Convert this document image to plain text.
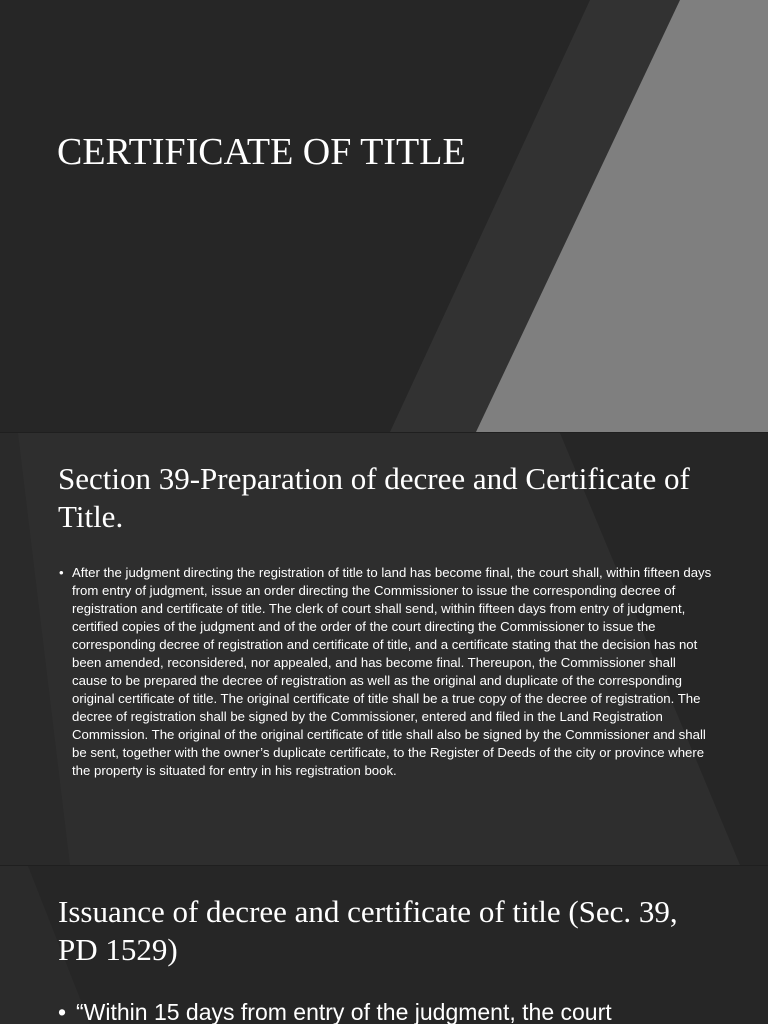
CERTIFICATE OF TITLE
Section 39-Preparation of decree and Certificate of Title.
• After the judgment directing the registration of title to land has become final, the court shall, within fifteen days from entry of judgment, issue an order directing the Commissioner to issue the corresponding decree of registration and certificate of title. The clerk of court shall send, within fifteen days from entry of judgment, certified copies of the judgment and of the order of the court directing the Commissioner to issue the corresponding decree of registration and certificate of title, and a certificate stating that the decision has not been amended, reconsidered, nor appealed, and has become final. Thereupon, the Commissioner shall cause to be prepared the decree of registration as well as the original and duplicate of the corresponding original certificate of title. The original certificate of title shall be a true copy of the decree of registration. The decree of registration shall be signed by the Commissioner, entered and filed in the Land Registration Commission. The original of the original certificate of title shall also be signed by the Commissioner and shall be sent, together with the owner’s duplicate certificate, to the Register of Deeds of the city or province where the property is situated for entry in his registration book.
Issuance of decree and certificate of title (Sec. 39, PD 1529)
• “Within 15 days from entry of the judgment, the court
